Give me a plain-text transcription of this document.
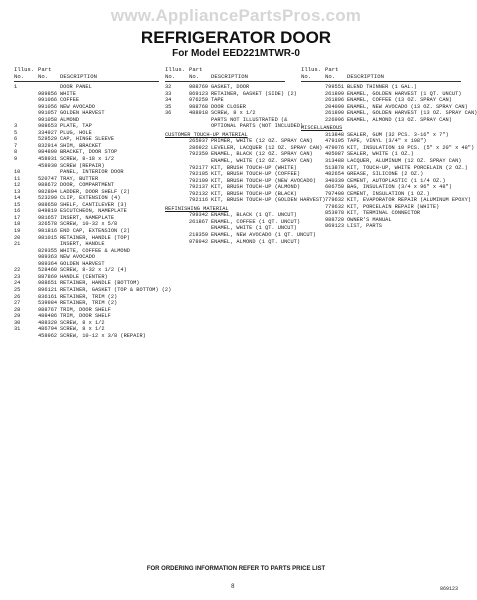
www.AppliancePartsPros.com
REFRIGERATOR DOOR
For Model EED221MTWR-0
Illus. Part
No.	No.	DESCRIPTION
1	DOOR PANEL
989856 WHITE
991066 COFFEE
991056 NEW AVOCADO
991057 GOLDEN HARVEST
991058 ALMOND
3	988653 PLATE, TAP
5	334927 PLUG, HOLE
6	529529 CAP, HINGE SLEEVE
7	832914 SHIM, BRACKET
8	984800 BRACKET, DOOR STOP
9	458931 SCREW, 8-18 x 1/2
458930 SCREW (REPAIR)
10	PANEL, INTERIOR DOOR
11	520747 TRAY, BUTTER
12	988672 DOOR, COMPARTMENT
13	982804 LADDER, DOOR SHELF (2)
14	523299 CLIP, EXTENSION (4)
15	988650 SHELF, CANTILEVER (3)
16	849819 ESCUTCHEON, NAMEPLATE
17	981657 INSERT, NAMEPLATE
18	326578 SCREW, 10-32 x 5/8
19	981816 END CAP, EXTENSION (2)
20	981015 RETAINER, HANDLE (TOP)
21	INSERT, HANDLE
829355 WHITE, COFFEE & ALMOND
989363 NEW AVOCADO
989364 GOLDEN HARVEST
22	528460 SCREW, 8-32 x 1/2 (4)
23	887869 HANDLE (CENTER)
24	988651 RETAINER, HANDLE (BOTTOM)
25	896121 RETAINER, GASKET (TOP & BOTTOM) (2)
26	836161 RETAINER, TRIM (2)
27	539984 RETAINER, TRIM (2)
28	988767 TRIM, DOOR SHELF
29	488486 TRIM, DOOR SHELF
30	488320 SCREW, 8 x 1/2
31	486794 SCREW, 8 x 1/2
458962 SCREW, 10-12 x 3/8 (REPAIR)
Illus. Part
No.	No.	DESCRIPTION
32	988769 GASKET, DOOR
33	869123 RETAINER, GASKET (SIDE) (2)
34	976259 TAPE
35	988768 DOOR CLOSER
36	488918 SCREW, 8 x 1/2
PARTS NOT ILLUSTRATED (&
OPTIONAL PARTS (NOT INCLUDED)
CUSTOMER TOUCH-UP MATERIAL
265937 PRIMER, WHITE (12 OZ. SPRAY CAN)
286922 LEVELER, LACQUER (12 OZ. SPRAY CAN)
792359 ENAMEL, BLACK (12 OZ. SPRAY CAN)
ENAMEL, WHITE (12 OZ. SPRAY CAN)
792177 KIT, BRUSH TOUCH-UP (WHITE)
792105 KIT, BRUSH TOUCH-UP (COFFEE)
792109 KIT, BRUSH TOUCH-UP (NEW AVOCADO)
792137 KIT, BRUSH TOUCH-UP (ALMOND)
792132 KIT, BRUSH TOUCH-UP (BLACK)
792116 KIT, BRUSH TOUCH-UP (GOLDEN HARVEST)
REFINISHING MATERIAL
799342 ENAMEL, BLACK (1 QT. UNCUT)
261867 ENAMEL, COFFEE (1 QT. UNCUT)
ENAMEL, WHITE (1 QT. UNCUT)
218359 ENAMEL, NEW AVOCADO (1 QT. UNCUT)
978942 ENAMEL, ALMOND (1 QT. UNCUT)
Illus. Part
No.	No.	DESCRIPTION
799551 BLEND THINNER (1 GAL.)
261899 ENAMEL, GOLDEN HARVEST (1 QT. UNCUT)
261896 ENAMEL, COFFEE (13 OZ. SPRAY CAN)
204099 ENAMEL, NEW AVOCADO (13 OZ. SPRAY CAN)
261890 ENAMEL, GOLDEN HARVEST (13 OZ. SPRAY CAN)
226996 ENAMEL, ALMOND (13 OZ. SPRAY CAN)
MISCELLANEOUS
313848 SEALER, GUM (32 PCS. 3-16" x 7")
479195 TAPE, VINYL (3/4" x 108")
479076 KIT, INSULATION 10 PCS. (5" x 20" x 48")
405087 SEALER, WHITE (1 OZ.)
313488 LACQUER, ALUMINUM (12 OZ. SPRAY CAN)
513878 KIT, TOUCH-UP, WHITE PORCELAIN (2 OZ.)
482654 GREASE, SILICONE (2 OZ.)
340339 CEMENT, AUTOPLASTIC (1 1/4 OZ.)
606750 BAG, INSULATION (3/4 x 96" x 48")
797400 CEMENT, INSULATION (1 OZ.)
779632 KIT, EVAPORATOR REPAIR (ALUMINUM EPOXY)
779632 KIT, PORCELAIN REPAIR (WHITE)
853978 KIT, TERMINAL CONNECTOR
988720 OWNER'S MANUAL
869123 LIST, PARTS
FOR ORDERING INFORMATION REFER TO PARTS PRICE LIST
8	869123
